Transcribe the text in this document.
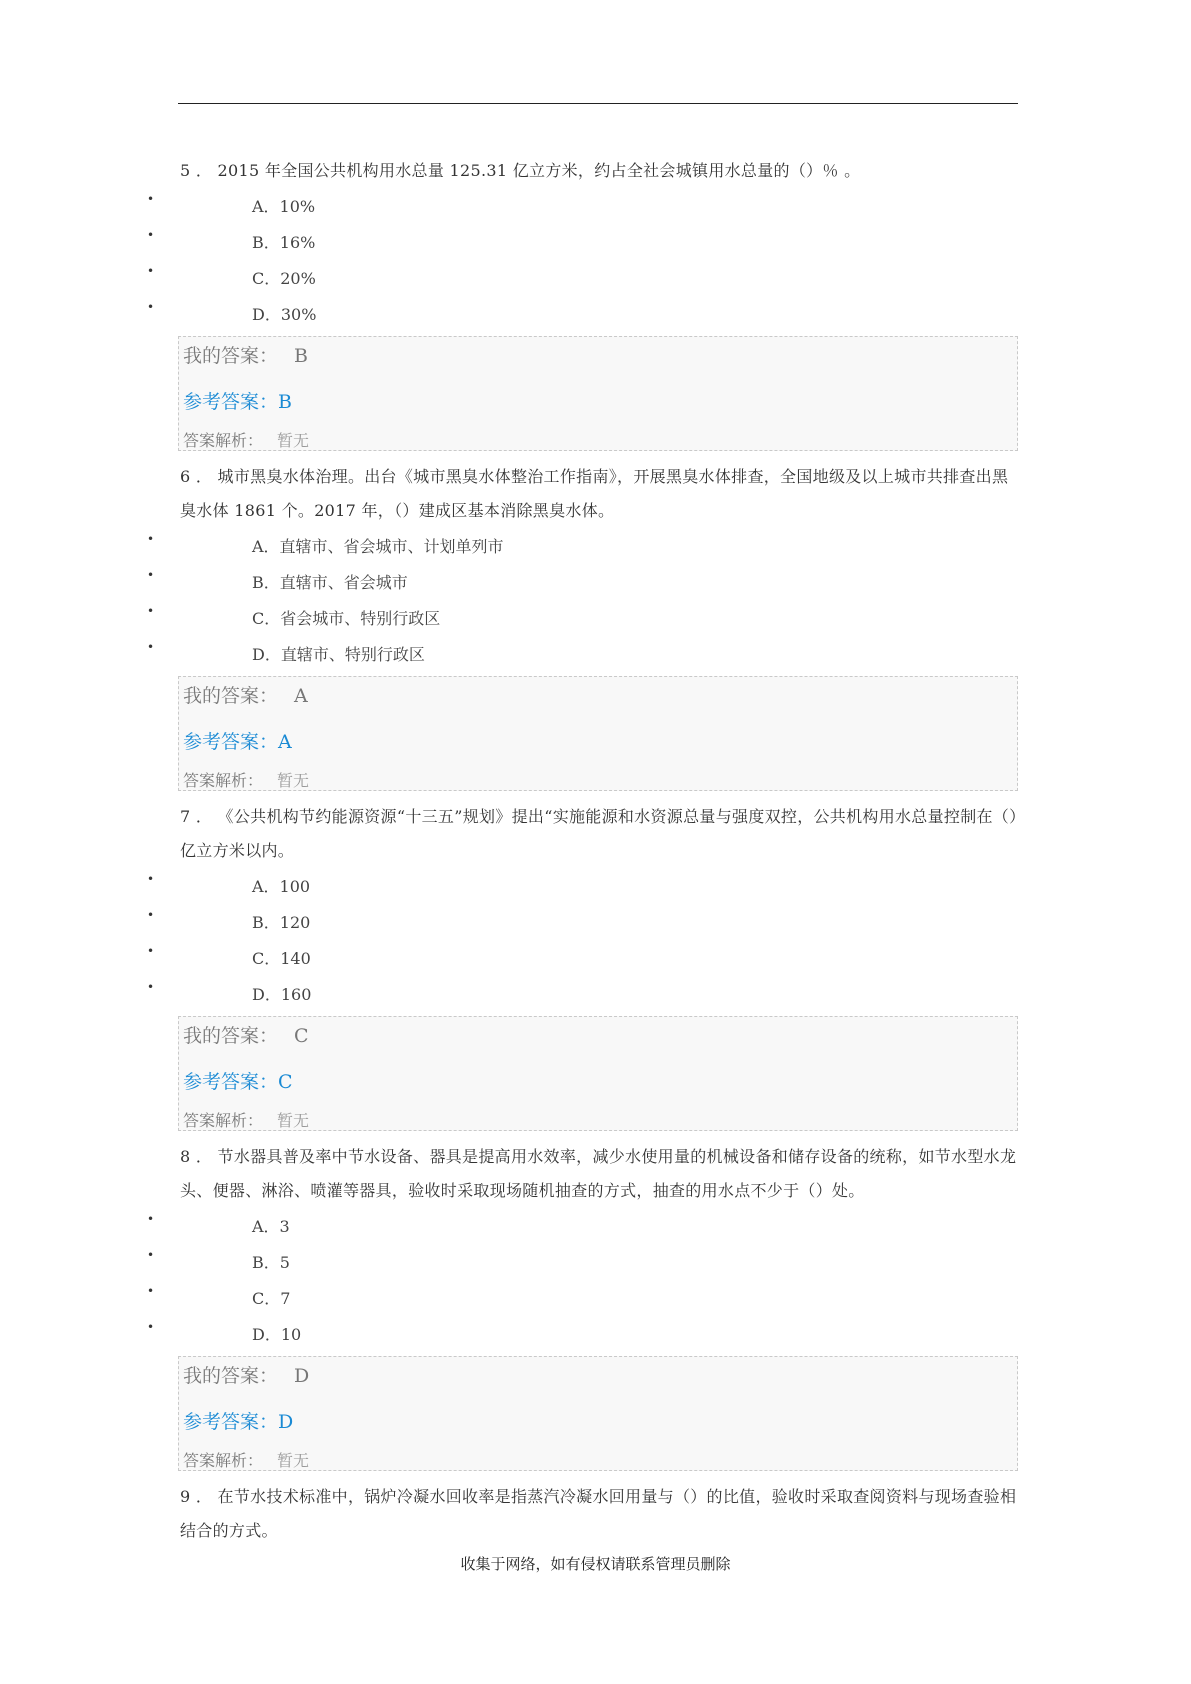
5 ． 2015 年全国公共机构用水总量 125.31 亿立方米，约占全社会城镇用水总量的（）％ 。
•	A．10%
•	B．16%
•	C．20%
•	D．30%
我的答案： B
参考答案：B
答案解析： 暂无
6 ． 城市黑臭水体治理。出台《城市黑臭水体整治工作指南》，开展黑臭水体排查，全国地级及以上城市共排查出黑臭水体 1861 个。2017 年，（）建成区基本消除黑臭水体。
•	A．直辖市、省会城市、计划单列市
•	B．直辖市、省会城市
•	C．省会城市、特别行政区
•	D．直辖市、特别行政区
我的答案： A
参考答案：A
答案解析： 暂无
7 ． 《公共机构节约能源资源“十三五”规划》提出“实施能源和水资源总量与强度双控，公共机构用水总量控制在（）亿立方米以内。
•	A．100
•	B．120
•	C．140
•	D．160
我的答案： C
参考答案：C
答案解析： 暂无
8 ． 节水器具普及率中节水设备、器具是提高用水效率，减少水使用量的机械设备和储存设备的统称，如节水型水龙头、便器、淋浴、喷灌等器具，验收时采取现场随机抽查的方式，抽查的用水点不少于（）处。
•	A．3
•	B．5
•	C．7
•	D．10
我的答案： D
参考答案：D
答案解析： 暂无
9 ． 在节水技术标准中，锅炉冷凝水回收率是指蒸汽冷凝水回用量与（）的比值，验收时采取查阅资料与现场查验相结合的方式。
收集于网络，如有侵权请联系管理员删除
